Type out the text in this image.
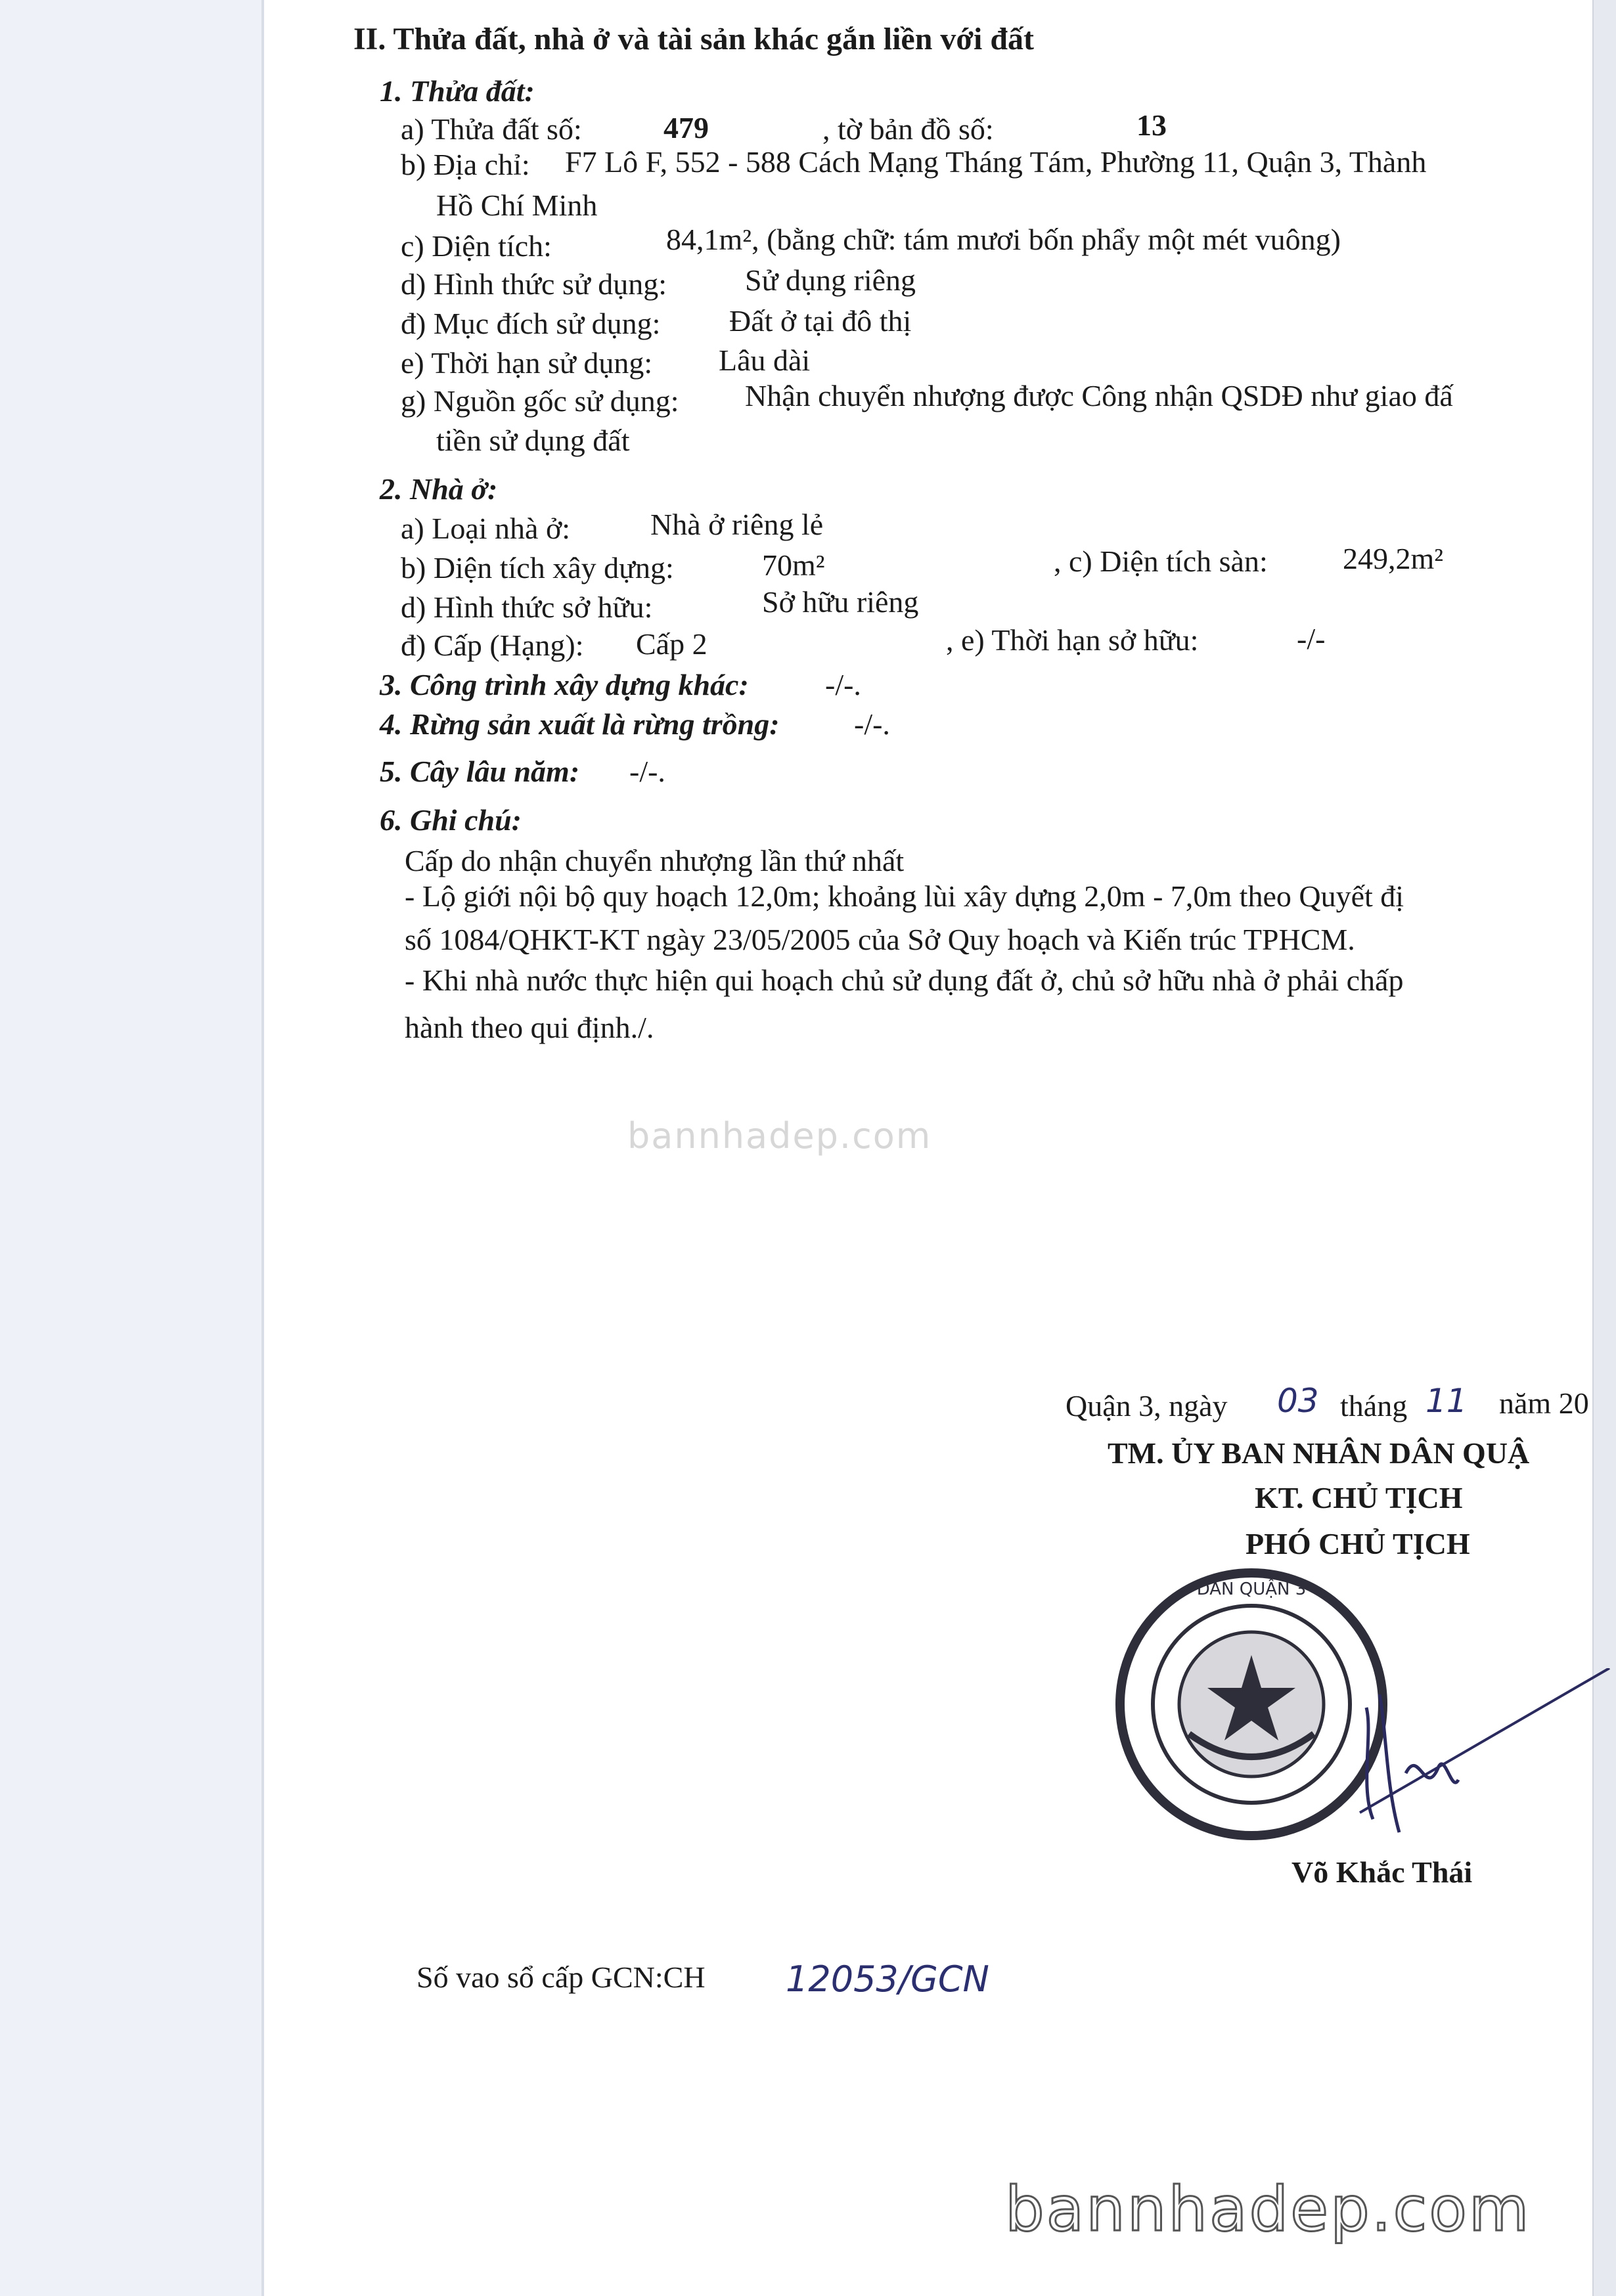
II. Thửa đất, nhà ở và tài sản khác gắn liền với đất
1. Thửa đất:
a) Thửa đất số:	479	, tờ bản đồ số:	13
b) Địa chỉ: F7 Lô F, 552 - 588 Cách Mạng Tháng Tám, Phường 11, Quận 3, Thành
Hồ Chí Minh
c) Diện tích:	84,1m², (bằng chữ: tám mươi bốn phẩy một mét vuông)
d) Hình thức sử dụng:	Sử dụng riêng
đ) Mục đích sử dụng: Đất ở tại đô thị
e) Thời hạn sử dụng: Lâu dài
g) Nguồn gốc sử dụng: Nhận chuyển nhượng được Công nhận QSDĐ như giao đấ
tiền sử dụng đất
2. Nhà ở:
a) Loại nhà ở:	Nhà ở riêng lẻ
b) Diện tích xây dựng:	70m²	, c) Diện tích sàn: 249,2m²
d) Hình thức sở hữu:	Sở hữu riêng
đ) Cấp (Hạng): Cấp 2	, e) Thời hạn sở hữu:	-/-
3. Công trình xây dựng khác:	-/-.
4. Rừng sản xuất là rừng trồng: -/-.
5. Cây lâu năm: -/-.
6. Ghi chú:
Cấp do nhận chuyển nhượng lần thứ nhất
- Lộ giới nội bộ quy hoạch 12,0m; khoảng lùi xây dựng 2,0m - 7,0m theo Quyết đị
số 1084/QHKT-KT ngày 23/05/2005 của Sở Quy hoạch và Kiến trúc TPHCM.
- Khi nhà nước thực hiện qui hoạch chủ sử dụng đất ở, chủ sở hữu nhà ở phải chấp
hành theo qui định./.
bannhadep.com
Quận 3, ngày 03 tháng 11 năm 20
TM. ỦY BAN NHÂN DÂN QUẬ
KT. CHỦ TỊCH
PHÓ CHỦ TỊCH
DÂN QUẬN 3
Võ Khắc Thái
Số vao sổ cấp GCN:CH 12053/GCN
bannhadep.com
